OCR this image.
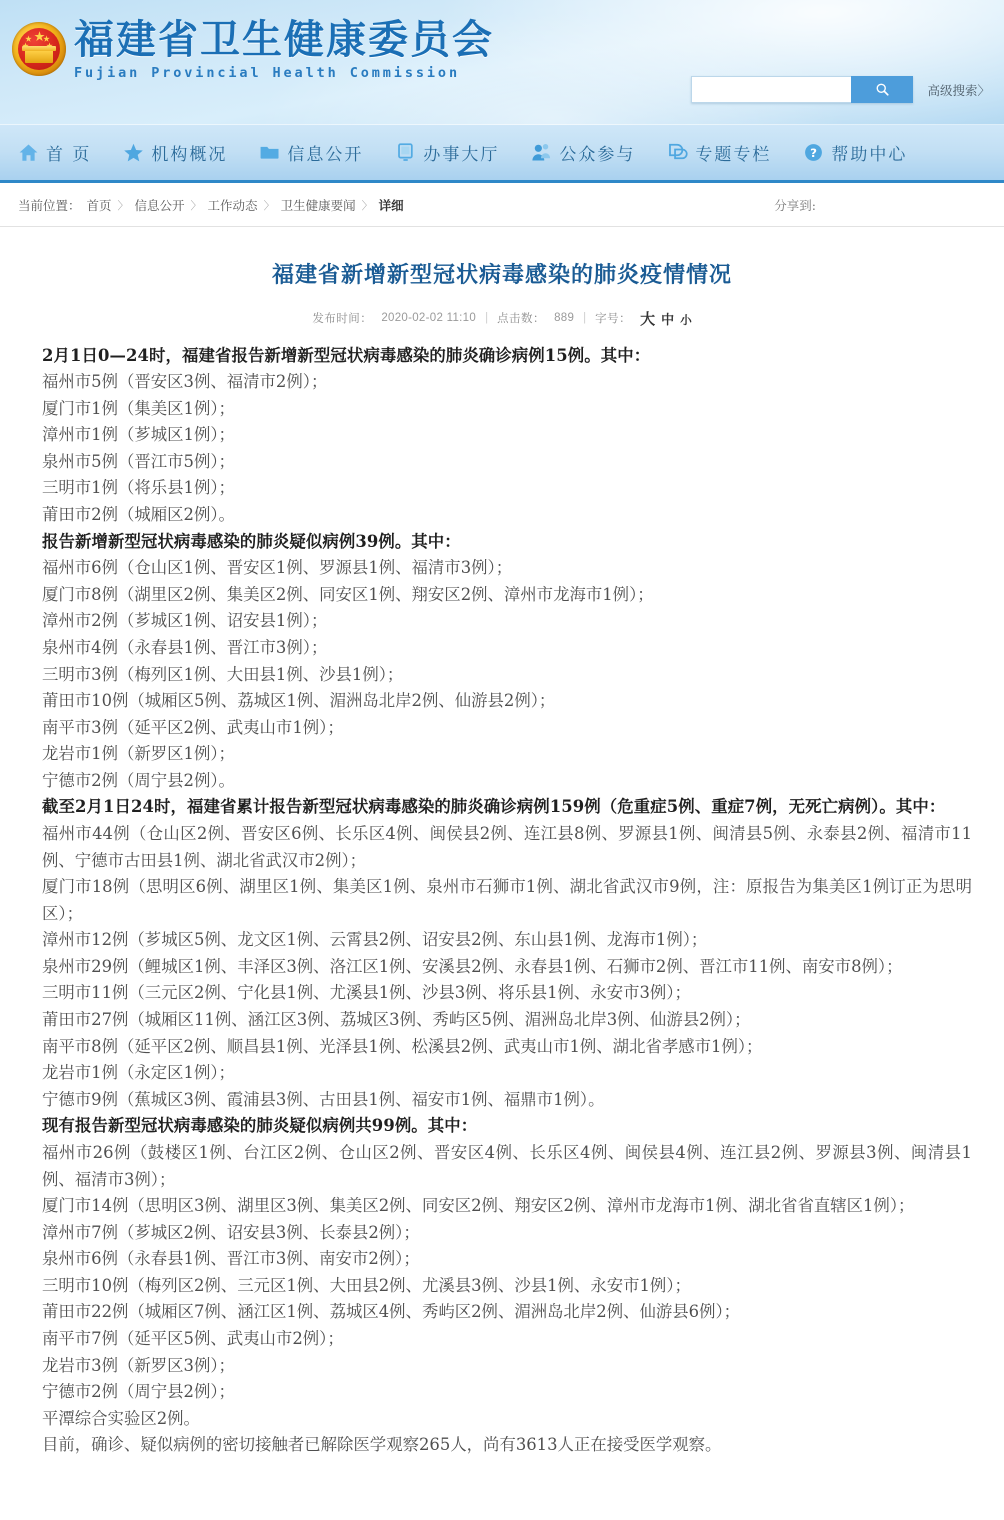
★
★ ★ 福建省卫生健康委员会
Fujian Provincial Health Commission
高级搜索〉
首 页	机构概况	信息公开	办事大厅	公众参与	专题专栏	? 帮助中心
当前位置： 首页 〉 信息公开 〉 工作动态 〉 卫生健康要闻 〉 详细	分享到:
福建省新增新型冠状病毒感染的肺炎疫情情况
发布时间： 2020-02-02 11:10 | 点击数： 889 | 字号： 大 中 小

2月1日0—24时，福建省报告新增新型冠状病毒感染的肺炎确诊病例15例。其中：

福州市5例（晋安区3例、福清市2例）；

厦门市1例（集美区1例）；

漳州市1例（芗城区1例）；

泉州市5例（晋江市5例）；

三明市1例（将乐县1例）；

莆田市2例（城厢区2例）。

报告新增新型冠状病毒感染的肺炎疑似病例39例。其中：

福州市6例（仓山区1例、晋安区1例、罗源县1例、福清市3例）；

厦门市8例（湖里区2例、集美区2例、同安区1例、翔安区2例、漳州市龙海市1例）；

漳州市2例（芗城区1例、诏安县1例）；

泉州市4例（永春县1例、晋江市3例）；

三明市3例（梅列区1例、大田县1例、沙县1例）；

莆田市10例（城厢区5例、荔城区1例、湄洲岛北岸2例、仙游县2例）；

南平市3例（延平区2例、武夷山市1例）；

龙岩市1例（新罗区1例）；

宁德市2例（周宁县2例）。

截至2月1日24时，福建省累计报告新型冠状病毒感染的肺炎确诊病例159例（危重症5例、重症7例，无死亡病例）。其中：

福州市44例（仓山区2例、晋安区6例、长乐区4例、闽侯县2例、连江县8例、罗源县1例、闽清县5例、永泰县2例、福清市11例、宁德市古田县1例、湖北省武汉市2例）；

厦门市18例（思明区6例、湖里区1例、集美区1例、泉州市石狮市1例、湖北省武汉市9例，注：原报告为集美区1例订正为思明区）；

漳州市12例（芗城区5例、龙文区1例、云霄县2例、诏安县2例、东山县1例、龙海市1例）；

泉州市29例（鲤城区1例、丰泽区3例、洛江区1例、安溪县2例、永春县1例、石狮市2例、晋江市11例、南安市8例）；

三明市11例（三元区2例、宁化县1例、尤溪县1例、沙县3例、将乐县1例、永安市3例）；

莆田市27例（城厢区11例、涵江区3例、荔城区3例、秀屿区5例、湄洲岛北岸3例、仙游县2例）；

南平市8例（延平区2例、顺昌县1例、光泽县1例、松溪县2例、武夷山市1例、湖北省孝感市1例）；

龙岩市1例（永定区1例）；

宁德市9例（蕉城区3例、霞浦县3例、古田县1例、福安市1例、福鼎市1例）。

现有报告新型冠状病毒感染的肺炎疑似病例共99例。其中：

福州市26例（鼓楼区1例、台江区2例、仓山区2例、晋安区4例、长乐区4例、闽侯县4例、连江县2例、罗源县3例、闽清县1例、福清市3例）；

厦门市14例（思明区3例、湖里区3例、集美区2例、同安区2例、翔安区2例、漳州市龙海市1例、湖北省省直辖区1例）；

漳州市7例（芗城区2例、诏安县3例、长泰县2例）；

泉州市6例（永春县1例、晋江市3例、南安市2例）；

三明市10例（梅列区2例、三元区1例、大田县2例、尤溪县3例、沙县1例、永安市1例）；

莆田市22例（城厢区7例、涵江区1例、荔城区4例、秀屿区2例、湄洲岛北岸2例、仙游县6例）；

南平市7例（延平区5例、武夷山市2例）；

龙岩市3例（新罗区3例）；

宁德市2例（周宁县2例）；

平潭综合实验区2例。

目前，确诊、疑似病例的密切接触者已解除医学观察265人，尚有3613人正在接受医学观察。
